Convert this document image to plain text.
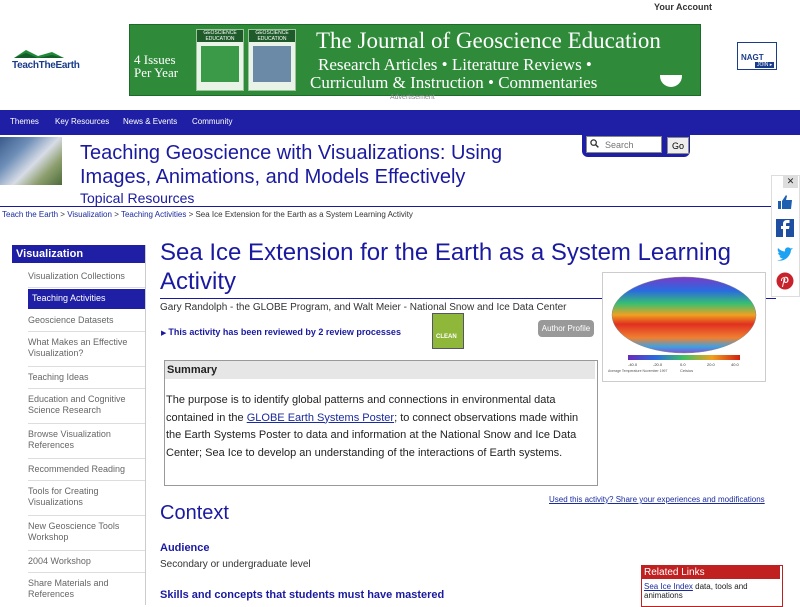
Your Account
TeachTheEarth	4 Issues
Per Year
GEOSCIENCE
EDUCATION
GEOSCIENCE
EDUCATION	The Journal of Geoscience Education
Research Articles • Literature Reviews •
Curriculum & Instruction • Commentaries
Advertisement
NAGT
JOIN ▸
Themes Key Resources News & Events Community
Teaching Geoscience with Visualizations: Using Images, Animations, and Models Effectively
Topical Resources
Search
Go
Teach the Earth > Visualization > Teaching Activities > Sea Ice Extension for the Earth as a System Learning Activity
Visualization
Visualization Collections
Teaching Activities
Geoscience Datasets
What Makes an Effective Visualization?
Teaching Ideas
Education and Cognitive Science Research
Browse Visualization References
Recommended Reading
Tools for Creating Visualizations
New Geoscience Tools Workshop
2004 Workshop
Share Materials and References
Sea Ice Extension for the Earth as a System Learning Activity
Gary Randolph - the GLOBE Program, and Walt Meier - National Snow and Ice Data Center
▶ This activity has been reviewed by 2 review processes	CLEAN
Author Profile
-40.0	-20.0	0.0	20.0	40.0
Average Temperature November 1997	Celsius
Summary
The purpose is to identify global patterns and connections in environmental data contained in the GLOBE Earth Systems Poster; to connect observations made within the Earth Systems Poster to data and information at the National Snow and Ice Data Center; Sea Ice to develop an understanding of the interactions of Earth systems.
Used this activity? Share your experiences and modifications
Context
Audience
Secondary or undergraduate level
Skills and concepts that students must have mastered
Related Links
Sea Ice Index data, tools and animations
✕
